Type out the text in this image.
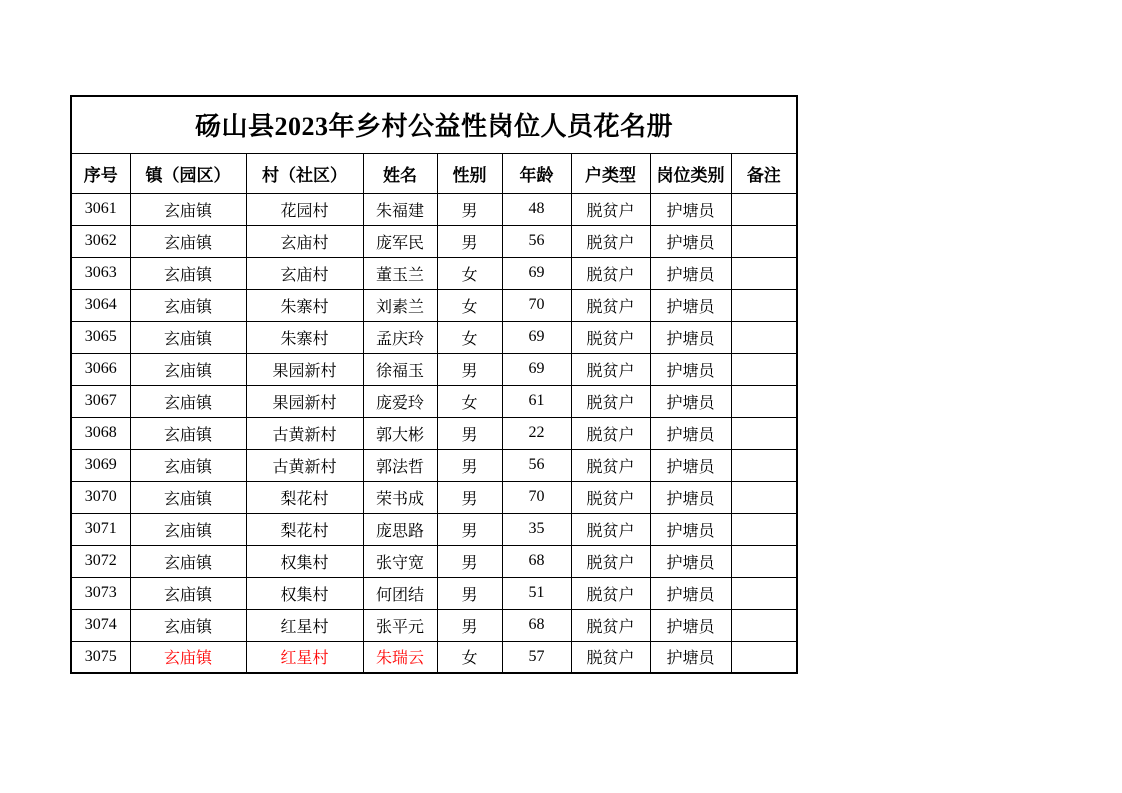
砀山县2023年乡村公益性岗位人员花名册								
序号	镇（园区）	村（社区）	姓名	性别	年龄	户类型	岗位类别	备注
3061	玄庙镇	花园村	朱福建	男	48	脱贫户	护塘员	
3062	玄庙镇	玄庙村	庞军民	男	56	脱贫户	护塘员	
3063	玄庙镇	玄庙村	董玉兰	女	69	脱贫户	护塘员	
3064	玄庙镇	朱寨村	刘素兰	女	70	脱贫户	护塘员	
3065	玄庙镇	朱寨村	孟庆玲	女	69	脱贫户	护塘员	
3066	玄庙镇	果园新村	徐福玉	男	69	脱贫户	护塘员	
3067	玄庙镇	果园新村	庞爱玲	女	61	脱贫户	护塘员	
3068	玄庙镇	古黄新村	郭大彬	男	22	脱贫户	护塘员	
3069	玄庙镇	古黄新村	郭法哲	男	56	脱贫户	护塘员	
3070	玄庙镇	梨花村	荣书成	男	70	脱贫户	护塘员	
3071	玄庙镇	梨花村	庞思路	男	35	脱贫户	护塘员	
3072	玄庙镇	权集村	张守宽	男	68	脱贫户	护塘员	
3073	玄庙镇	权集村	何团结	男	51	脱贫户	护塘员	
3074	玄庙镇	红星村	张平元	男	68	脱贫户	护塘员	
3075	玄庙镇	红星村	朱瑞云	女	57	脱贫户	护塘员	
